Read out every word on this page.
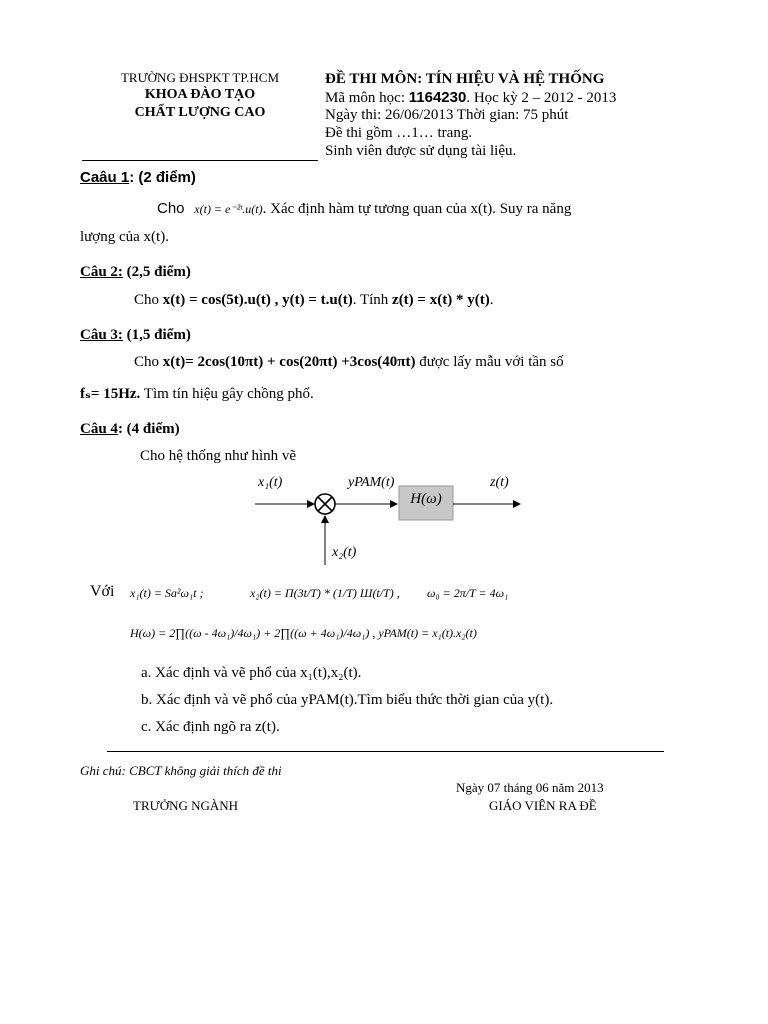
TRƯỜNG ĐHSPKT TP.HCM
KHOA ĐÀO TẠO
CHẤT LƯỢNG CAO
ĐỀ THI MÔN: TÍN HIỆU VÀ HỆ THỐNG
Mã môn học: 1164230. Học kỳ 2 – 2012 - 2013
Ngày thi: 26/06/2013 Thời gian: 75 phút
Đề thi gồm …1… trang.
Sinh viên được sử dụng tài liệu.
Caâu 1: (2 điểm)
Cho x(t) = e⁻²ᵗ.u(t). Xác định hàm tự tương quan của x(t). Suy ra năng
lượng của x(t).
Câu 2: (2,5 điểm)
Cho x(t) = cos(5t).u(t) , y(t) = t.u(t). Tính z(t) = x(t) * y(t).
Câu 3: (1,5 điểm)
Cho x(t)= 2cos(10πt) + cos(20πt) +3cos(40πt) được lấy mẫu với tần số
fₛ= 15Hz. Tìm tín hiệu gây chồng phổ.
Câu 4: (4 điểm)
Cho hệ thống như hình vẽ
x₁(t)	yPAM(t)
H(ω)
z(t)
x₂(t)
Với x₁(t) = Sa²ω₁t ;	x₂(t) = Π(3t/T) * (1/T) Ш(t/T) , ω₀ = 2π/T = 4ω₁
H(ω) = 2∏((ω - 4ω₁)/4ω₁) + 2∏((ω + 4ω₁)/4ω₁) , yPAM(t) = x₁(t).x₂(t)
a. Xác định và vẽ phổ của x₁(t),x₂(t).
b. Xác định và vẽ phổ của yPAM(t).Tìm biểu thức thời gian của y(t).
c. Xác định ngõ ra z(t).
Ghi chú: CBCT không giải thích đề thi
Ngày 07 tháng 06 năm 2013
TRƯỞNG NGÀNH	GIÁO VIÊN RA ĐỀ
